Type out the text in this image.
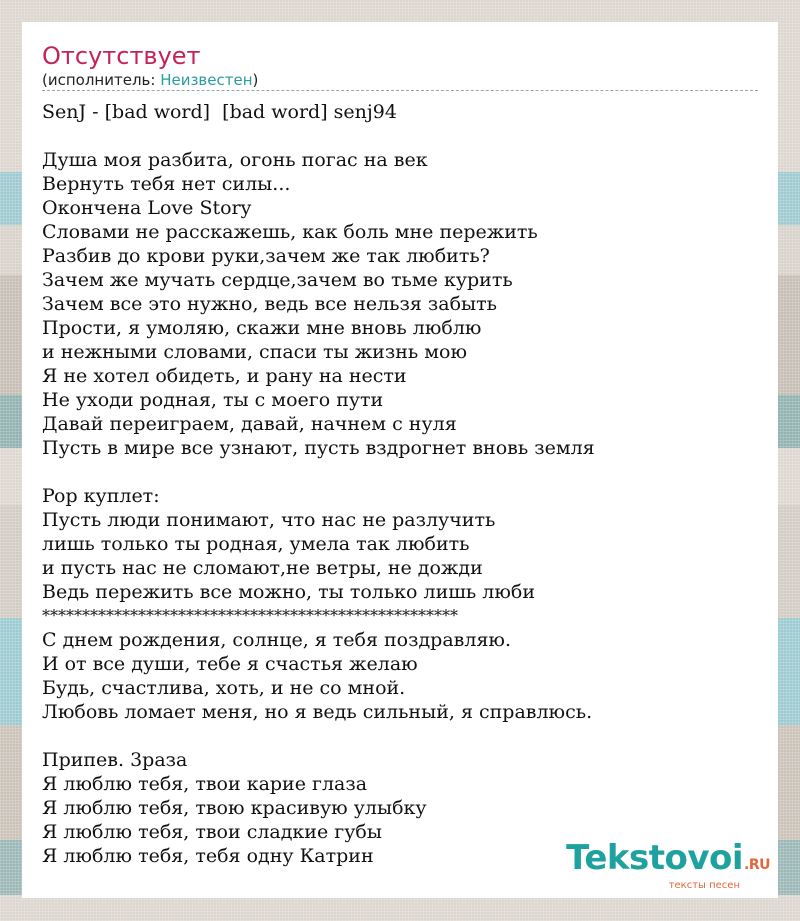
Отсутствует
(исполнитель: Неизвестен)
SenJ - [bad word]  [bad word] senj94
Душа моя разбита, огонь погас на век
Вернуть тебя нет силы...
Окончена Love Story
Словами не расскажешь, как боль мне пережить
Разбив до крови руки,зачем же так любить?
Зачем же мучать сердце,зачем во тьме курить
Зачем все это нужно, ведь все нельзя забыть
Прости, я умоляю, скажи мне вновь люблю
и нежными словами, спаси ты жизнь мою
Я не хотел обидеть, и рану на нести
Не уходи родная, ты с моего пути
Давай переиграем, давай, начнем с нуля
Пусть в мире все узнают, пусть вздрогнет вновь земля
Pop куплет:
Пусть люди понимают, что нас не разлучить
лишь только ты родная, умела так любить
и пусть нас не сломают,не ветры, не дожди
Ведь пережить все можно, ты только лишь люби
****************************************************
С днем рождения, солнце, я тебя поздравляю.
И от все души, тебе я счастья желаю
Будь, счастлива, хоть, и не со мной.
Любовь ломает меня, но я ведь сильный, я справлюсь.
Припев. 3раза
Я люблю тебя, твои карие глаза
Я люблю тебя, твою красивую улыбку
Я люблю тебя, твои сладкие губы
Я люблю тебя, тебя одну Катрин	Tekstovoi.RU
тексты песен
